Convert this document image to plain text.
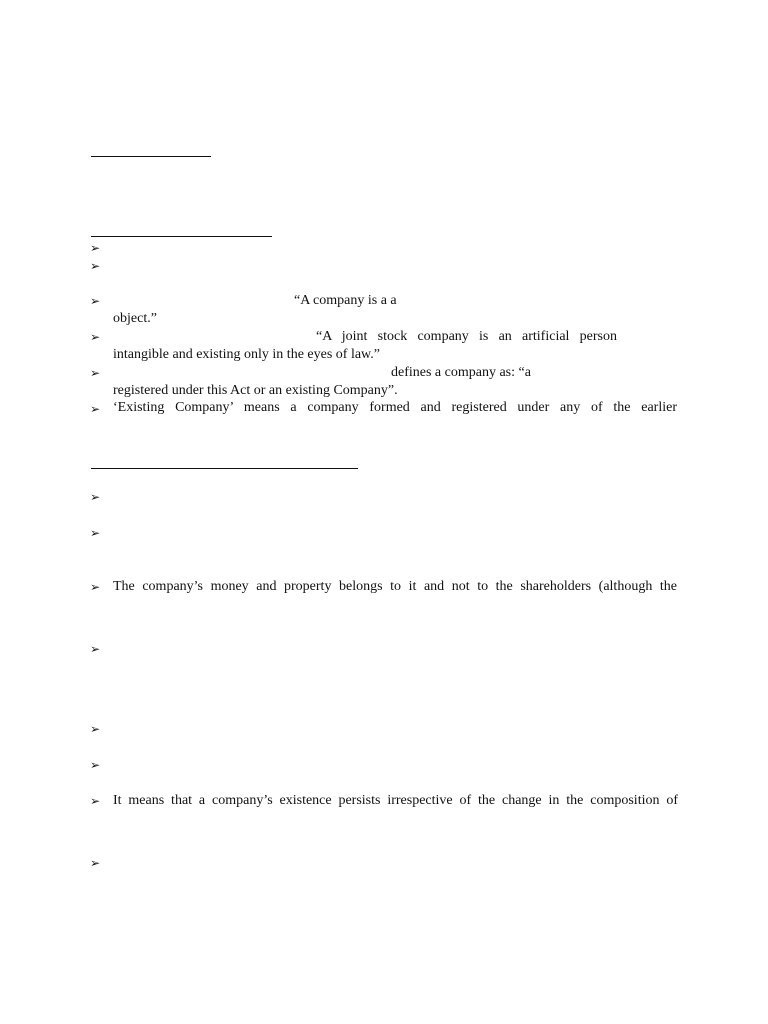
➢
➢
➢	“A company is a a
object.”
➢	“A joint stock company is an artificial person
intangible and existing only in the eyes of law.”
➢	defines a company as: “a
registered under this Act or an existing Company”.
➢ ‘Existing Company’ means a company formed and registered under any of the earlier
➢
➢
➢ The company’s money and property belongs to it and not to the shareholders (although the
➢
➢
➢
➢ It means that a company’s existence persists irrespective of the change in the composition of
➢
